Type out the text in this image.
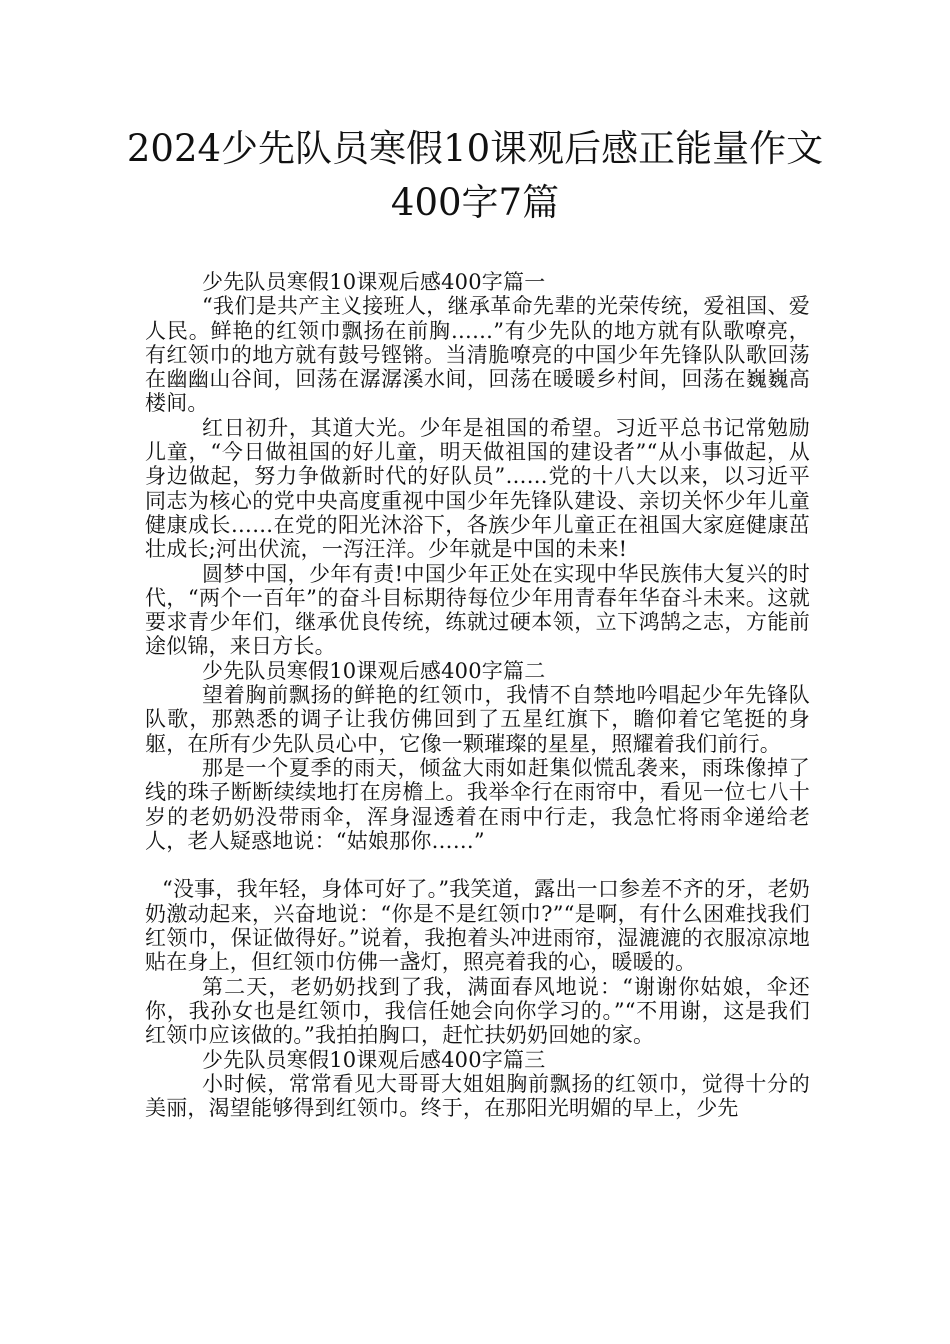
2024少先队员寒假10课观后感正能量作文
400字7篇

少先队员寒假10课观后感400字篇一

“我们是共产主义接班人，继承革命先辈的光荣传统，爱祖国、爱人民。鲜艳的红领巾飘扬在前胸……”有少先队的地方就有队歌嘹亮，有红领巾的地方就有鼓号铿锵。当清脆嘹亮的中国少年先锋队队歌回荡在幽幽山谷间，回荡在潺潺溪水间，回荡在暖暖乡村间，回荡在巍巍高楼间。

红日初升，其道大光。少年是祖国的希望。习近平总书记常勉励儿童，“今日做祖国的好儿童，明天做祖国的建设者”“从小事做起，从身边做起，努力争做新时代的好队员”……党的十八大以来，以习近平同志为核心的党中央高度重视中国少年先锋队建设、亲切关怀少年儿童健康成长……在党的阳光沐浴下，各族少年儿童正在祖国大家庭健康茁壮成长;河出伏流，一泻汪洋。少年就是中国的未来!

圆梦中国，少年有责!中国少年正处在实现中华民族伟大复兴的时代，“两个一百年”的奋斗目标期待每位少年用青春年华奋斗未来。这就要求青少年们，继承优良传统，练就过硬本领，立下鸿鹄之志，方能前途似锦，来日方长。

少先队员寒假10课观后感400字篇二

望着胸前飘扬的鲜艳的红领巾，我情不自禁地吟唱起少年先锋队队歌，那熟悉的调子让我仿佛回到了五星红旗下，瞻仰着它笔挺的身躯，在所有少先队员心中，它像一颗璀璨的星星，照耀着我们前行。

那是一个夏季的雨天，倾盆大雨如赶集似慌乱袭来，雨珠像掉了线的珠子断断续续地打在房檐上。我举伞行在雨帘中，看见一位七八十岁的老奶奶没带雨伞，浑身湿透着在雨中行走，我急忙将雨伞递给老人，老人疑惑地说：“姑娘那你……”

“没事，我年轻，身体可好了。”我笑道，露出一口参差不齐的牙，老奶奶激动起来，兴奋地说：“你是不是红领巾?”“是啊，有什么困难找我们红领巾，保证做得好。”说着，我抱着头冲进雨帘，湿漉漉的衣服凉凉地贴在身上，但红领巾仿佛一盏灯，照亮着我的心，暖暖的。

第二天，老奶奶找到了我，满面春风地说：“谢谢你姑娘，伞还你，我孙女也是红领巾，我信任她会向你学习的。”“不用谢，这是我们红领巾应该做的。”我拍拍胸口，赶忙扶奶奶回她的家。

少先队员寒假10课观后感400字篇三

小时候，常常看见大哥哥大姐姐胸前飘扬的红领巾，觉得十分的美丽，渴望能够得到红领巾。终于，在那阳光明媚的早上，少先
